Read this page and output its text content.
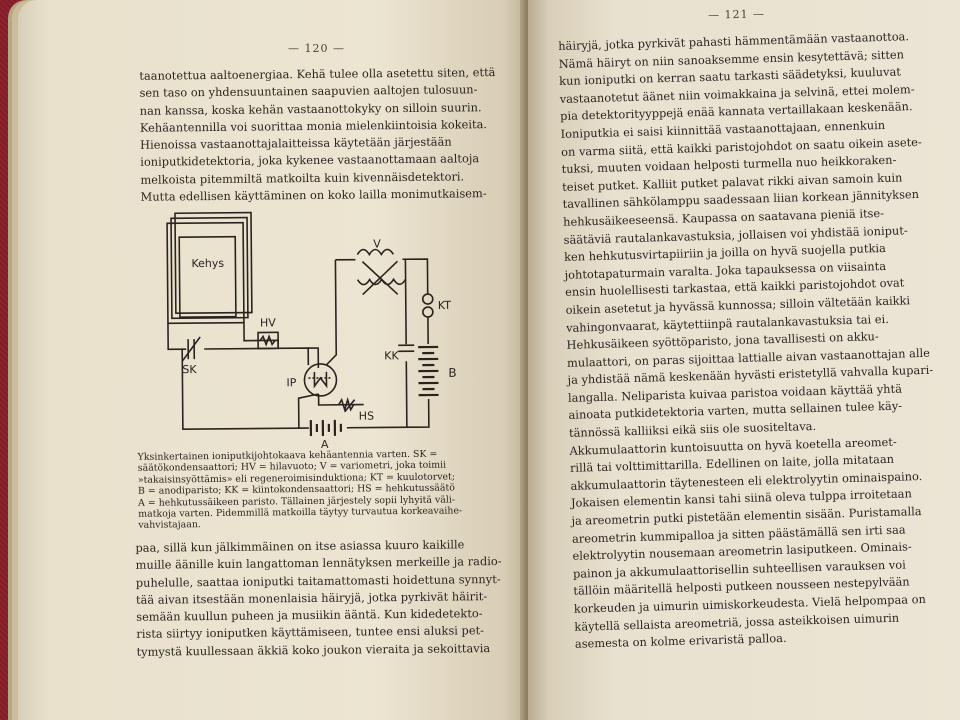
— 120 —
taanotettua aaltoenergiaa. Kehä tulee olla asetettu siten, että
sen taso on yhdensuuntainen saapuvien aaltojen tulosuun-
nan kanssa, koska kehän vastaanottokyky on silloin suurin.
Kehäantennilla voi suorittaa monia mielenkiintoisia kokeita.
Hienoissa vastaanottajalaitteissa käytetään järjestään
ioniputkidetektoria, joka kykenee vastaanottamaan aaltoja
melkoista pitemmiltä matkoilta kuin kivennäisdetektori.
Mutta edellisen käyttäminen on koko lailla monimutkaisem-
Kehys
V
KT
HV
SK
KK
B
IP
HS
A
Yksinkertainen ioniputkijohtokaava kehäantennia varten. SK =
säätökondensaattori; HV = hilavuoto; V = variometri, joka toimii
»takaisinsyöttämis» eli regeneroimisinduktiona; KT = kuulotorvet;
B = anodiparisto; KK = kiintokondensaattori; HS = hehkutussäätö
A = hehkutussäikeen paristo. Tällainen järjestely sopii lyhyitä väli-
matkoja varten. Pidemmillä matkoilla täytyy turvautua korkeavaihe-
vahvistajaan.
paa, sillä kun jälkimmäinen on itse asiassa kuuro kaikille
muille äänille kuin langattoman lennätyksen merkeille ja radio-
puhelulle, saattaa ioniputki taitamattomasti hoidettuna synnyt-
tää aivan itsestään monenlaisia häiryjä, jotka pyrkivät häirit-
semään kuullun puheen ja musiikin ääntä. Kun kidedetekto-
rista siirtyy ioniputken käyttämiseen, tuntee ensi aluksi pet-
tymystä kuullessaan äkkiä koko joukon vieraita ja sekoittavia
— 121 —
häiryjä, jotka pyrkivät pahasti hämmentämään vastaanottoa.
Nämä häiryt on niin sanoaksemme ensin kesytettävä; sitten
kun ioniputki on kerran saatu tarkasti säädetyksi, kuuluvat
vastaanotetut äänet niin voimakkaina ja selvinä, ettei molem-
pia detektorityyppejä enää kannata vertaillakaan keskenään.
Ioniputkia ei saisi kiinnittää vastaanottajaan, ennenkuin
on varma siitä, että kaikki paristojohdot on saatu oikein asete-
tuksi, muuten voidaan helposti turmella nuo heikkoraken-
teiset putket. Kalliit putket palavat rikki aivan samoin kuin
tavallinen sähkölamppu saadessaan liian korkean jännityksen
hehkusäikeeseensä. Kaupassa on saatavana pieniä itse-
säätäviä rautalankavastuksia, jollaisen voi yhdistää ioniput-
ken hehkutusvirtapiiriin ja joilla on hyvä suojella putkia
johtotapaturmain varalta. Joka tapauksessa on viisainta
ensin huolellisesti tarkastaa, että kaikki paristojohdot ovat
oikein asetetut ja hyvässä kunnossa; silloin vältetään kaikki
vahingonvaarat, käytettiinpä rautalankavastuksia tai ei.
Hehkusäikeen syöttöparisto, jona tavallisesti on akku-
mulaattori, on paras sijoittaa lattialle aivan vastaanottajan alle
ja yhdistää nämä keskenään hyvästi eristetyllä vahvalla kupari-
langalla. Neliparista kuivaa paristoa voidaan käyttää yhtä
ainoata putkidetektoria varten, mutta sellainen tulee käy-
tännössä kalliiksi eikä siis ole suositeltava.
Akkumulaattorin kuntoisuutta on hyvä koetella areomet-
rillä tai volttimittarilla. Edellinen on laite, jolla mitataan
akkumulaattorin täytenesteen eli elektrolyytin ominaispaino.
Jokaisen elementin kansi tahi siinä oleva tulppa irroitetaan
ja areometrin putki pistetään elementin sisään. Puristamalla
areometrin kummipalloa ja sitten päästämällä sen irti saa
elektrolyytin nousemaan areometrin lasiputkeen. Ominais-
painon ja akkumulaattorisellin suhteellisen varauksen voi
tällöin määritellä helposti putkeen nousseen nestepylvään
korkeuden ja uimurin uimiskorkeudesta. Vielä helpompaa on
käytellä sellaista areometriä, jossa asteikkoisen uimurin
asemesta on kolme erivaristä palloa.
